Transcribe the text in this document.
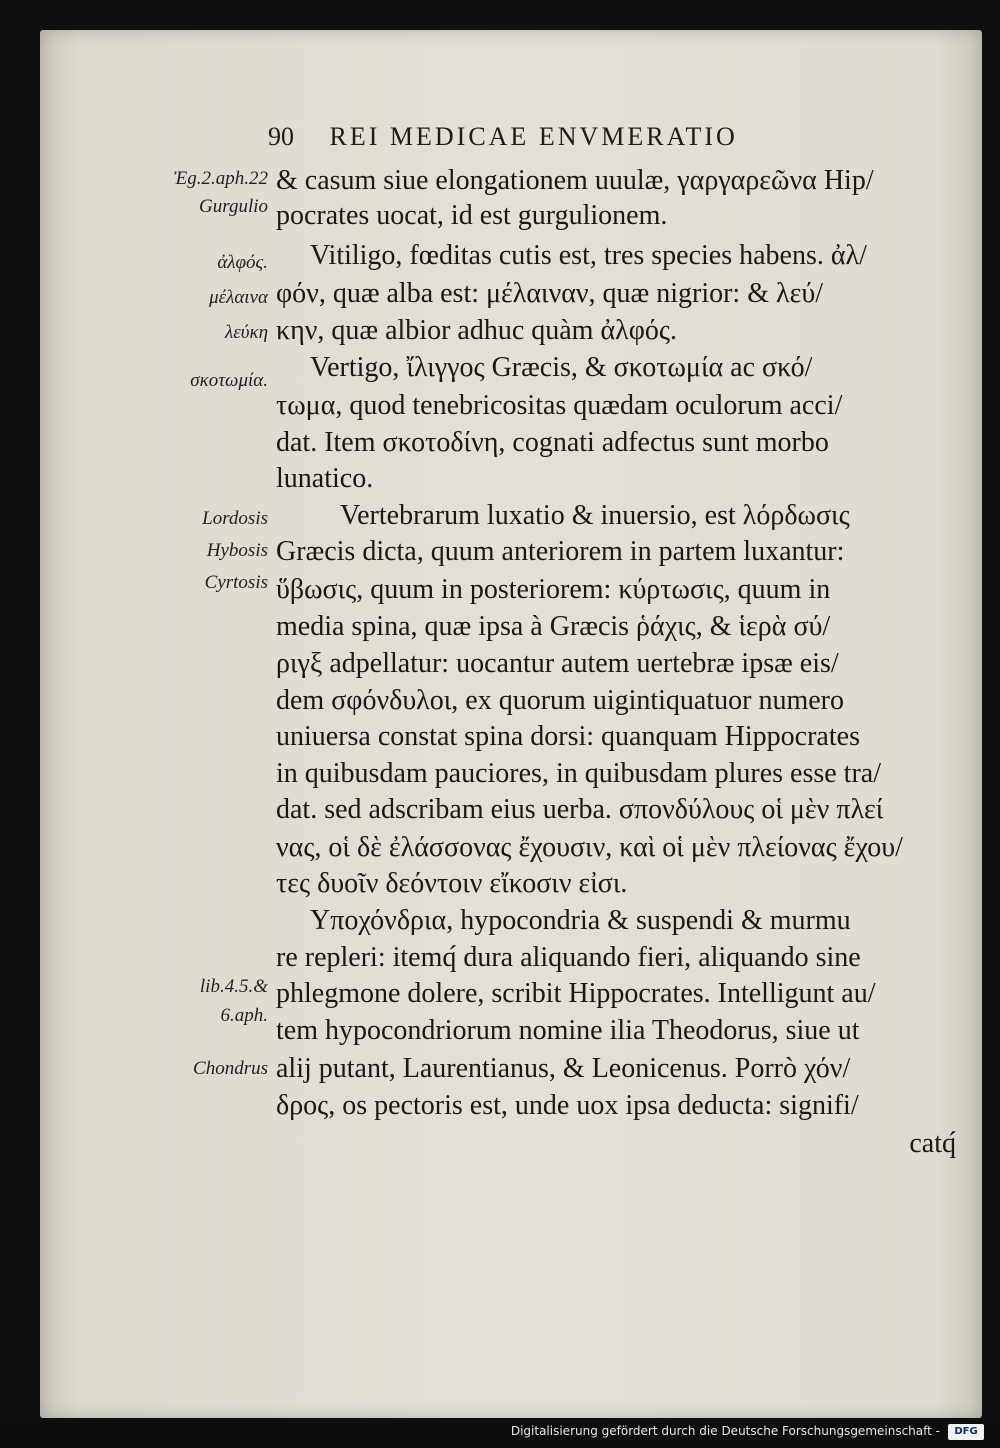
90 REI MEDICAE ENVMERATIO
Ἐg.2.aph.22
Gurgulio
ἀλφός.
μέλαινα
λεύκη
σκοτωμία.
Lordosis
Hybosis
Cyrtosis
lib.4.5.&
6.aph.
Chondrus
& casum siue elongationem uuulæ, γαργαρεῶνα Hip/
pocrates uocat, id est gurgulionem.
Vitiligo, fœditas cutis est, tres species habens. ἀλ/
φόν, quæ alba est: μέλαιναν, quæ nigrior: & λεύ/
κην, quæ albior adhuc quàm ἀλφός.
Vertigo, ἴλιγγος Græcis, & σκοτωμία ac σκό/
τωμα, quod tenebricositas quædam oculorum acci/
dat. Item σκοτοδίνη, cognati adfectus sunt morbo
lunatico.
Vertebrarum luxatio & inuersio, est λόρδωσις
Græcis dicta, quum anteriorem in partem luxantur:
ὕβωσις, quum in posteriorem: κύρτωσις, quum in
media spina, quæ ipsa à Græcis ῥάχις, & ἱερὰ σύ/
ριγξ adpellatur: uocantur autem uertebræ ipsæ eis/
dem σφόνδυλοι, ex quorum uigintiquatuor numero
uniuersa constat spina dorsi: quanquam Hippocrates
in quibusdam pauciores, in quibusdam plures esse tra/
dat. sed adscribam eius uerba. σπονδύλους οἱ μὲν πλεί
νας, οἱ δὲ ἐλάσσονας ἔχουσιν, καὶ οἱ μὲν πλείονας ἔχου/
τες δυοῖν δεόντοιν εἴκοσιν εἰσι.
Υποχόνδρια, hypocondria & suspendi & murmu
re repleri: itemq́ dura aliquando fieri, aliquando sine
phlegmone dolere, scribit Hippocrates. Intelligunt au/
tem hypocondriorum nomine ilia Theodorus, siue ut
alij putant, Laurentianus, & Leonicenus. Porrò χόν/
δρος, os pectoris est, unde uox ipsa deducta: signifi/
catq́
Digitalisierung gefördert durch die Deutsche Forschungsgemeinschaft -	DFG
